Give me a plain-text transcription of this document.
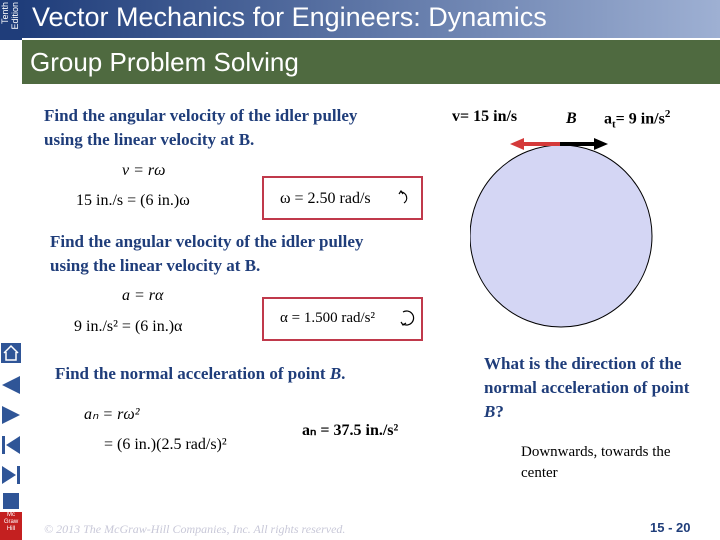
Tenth Edition Vector Mechanics for Engineers: Dynamics
Group Problem Solving
Find the angular velocity of the idler pulley using the linear velocity at B.
v = rω
15 in./s = (6 in.)ω	ω = 2.50 rad/s
Find the angular velocity of the idler pulley using the linear velocity at B.
a = rα
9 in./s² = (6 in.)α	α = 1.500 rad/s²
Find the normal acceleration of point B.
aₙ = rω²
= (6 in.)(2.5 rad/s)²
aₙ = 37.5 in./s²
v= 15 in/s	B $a_t= 9$ $in/s^2$
What is the direction of the normal acceleration of point B?
Downwards, towards the center
Mc Graw Hill	© 2013 The McGraw-Hill Companies, Inc. All rights reserved.	15 - 20
